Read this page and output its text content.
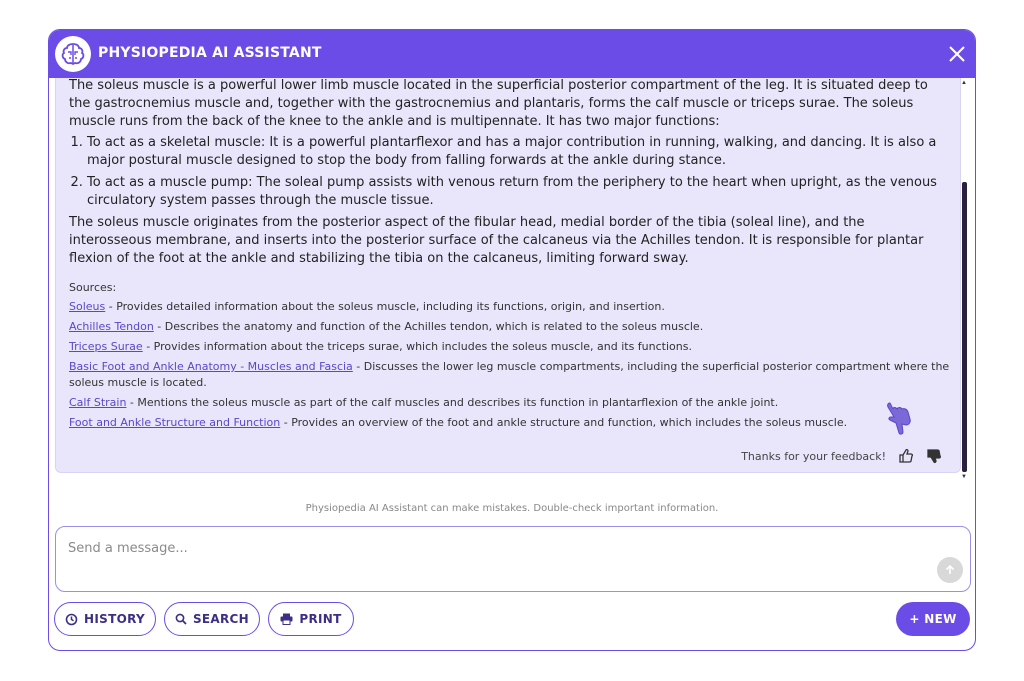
PHYSIOPEDIA AI ASSISTANT

The soleus muscle is a powerful lower limb muscle located in the superficial posterior compartment of the leg. It is situated deep to the gastrocnemius muscle and, together with the gastrocnemius and plantaris, forms the calf muscle or triceps surae. The soleus muscle runs from the back of the knee to the ankle and is multipennate. It has two major functions:

1. To act as a skeletal muscle: It is a powerful plantarflexor and has a major contribution in running, walking, and dancing. It is also a major postural muscle designed to stop the body from falling forwards at the ankle during stance.
2. To act as a muscle pump: The soleal pump assists with venous return from the periphery to the heart when upright, as the venous circulatory system passes through the muscle tissue.

The soleus muscle originates from the posterior aspect of the fibular head, medial border of the tibia (soleal line), and the interosseous membrane, and inserts into the posterior surface of the calcaneus via the Achilles tendon. It is responsible for plantar flexion of the foot at the ankle and stabilizing the tibia on the calcaneus, limiting forward sway.

Sources:
Soleus - Provides detailed information about the soleus muscle, including its functions, origin, and insertion.
Achilles Tendon - Describes the anatomy and function of the Achilles tendon, which is related to the soleus muscle.
Triceps Surae - Provides information about the triceps surae, which includes the soleus muscle, and its functions.
Basic Foot and Ankle Anatomy - Muscles and Fascia - Discusses the lower leg muscle compartments, including the superficial posterior compartment where the soleus muscle is located.
Calf Strain - Mentions the soleus muscle as part of the calf muscles and describes its function in plantarflexion of the ankle joint.
Foot and Ankle Structure and Function - Provides an overview of the foot and ankle structure and function, which includes the soleus muscle.
Thanks for your feedback!
▲
▼
Physiopedia AI Assistant can make mistakes. Double-check important information.
Send a message...
HISTORY	SEARCH	PRINT	+ NEW
